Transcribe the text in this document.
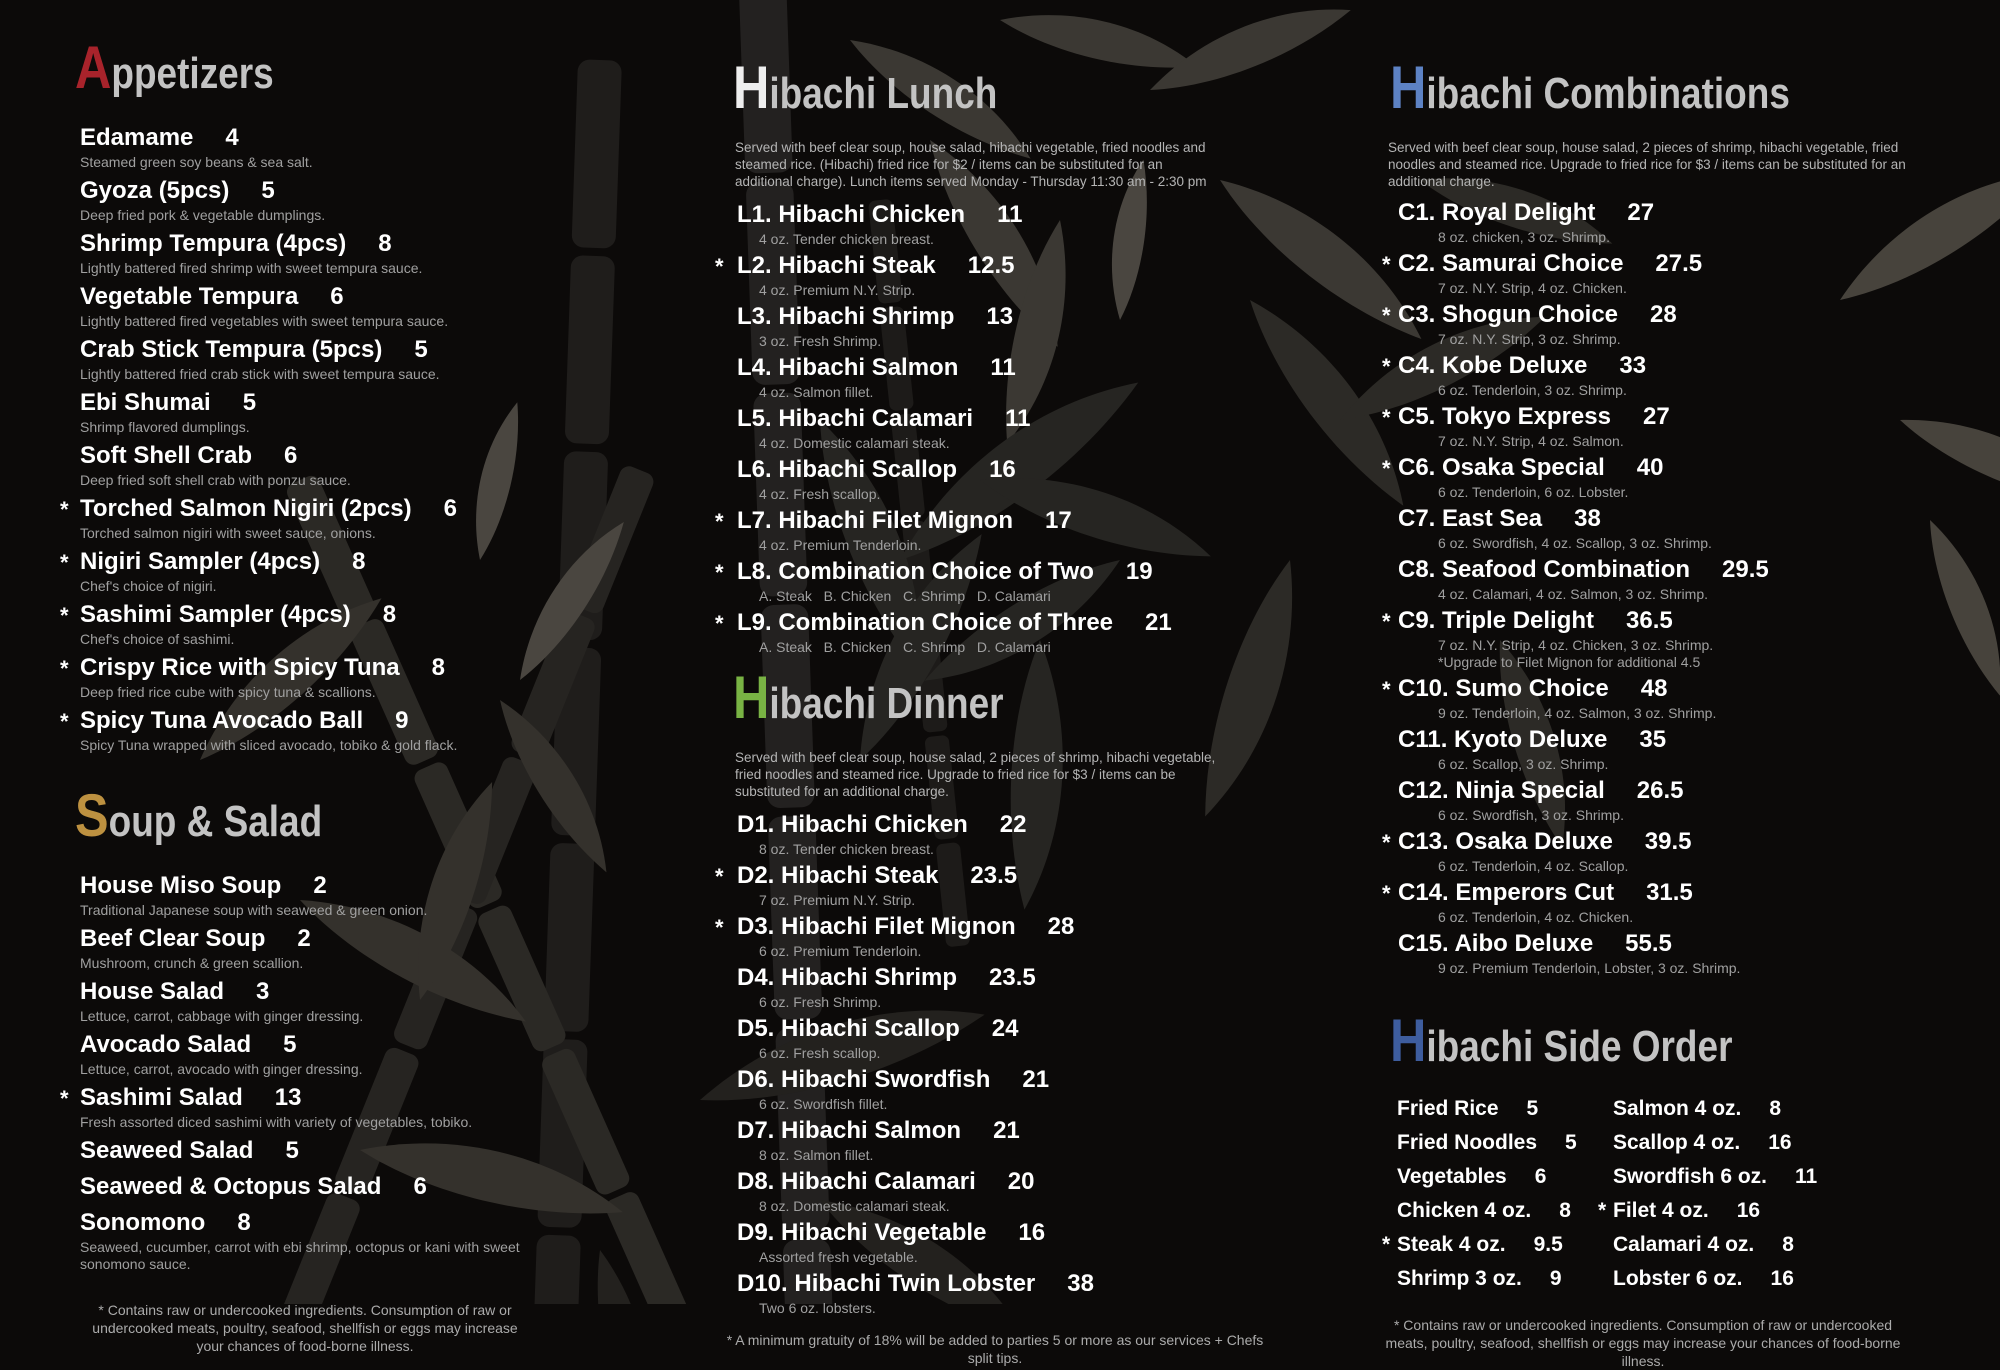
Appetizers
Edamame 4
Steamed green soy beans & sea salt.
Gyoza (5pcs) 5
Deep fried pork & vegetable dumplings.
Shrimp Tempura (4pcs) 8
Lightly battered fired shrimp with sweet tempura sauce.
Vegetable Tempura 6
Lightly battered fired vegetables with sweet tempura sauce.
Crab Stick Tempura (5pcs) 5
Lightly battered fried crab stick with sweet tempura sauce.
Ebi Shumai 5
Shrimp flavored dumplings.
Soft Shell Crab 6
Deep fried soft shell crab with ponzu sauce.
* Torched Salmon Nigiri (2pcs) 6
Torched salmon nigiri with sweet sauce, onions.
* Nigiri Sampler (4pcs) 8
Chef's choice of nigiri.
* Sashimi Sampler (4pcs) 8
Chef's choice of sashimi.
* Crispy Rice with Spicy Tuna 8
Deep fried rice cube with spicy tuna & scallions.
* Spicy Tuna Avocado Ball 9
Spicy Tuna wrapped with sliced avocado, tobiko & gold flack.
Soup & Salad
House Miso Soup 2
Traditional Japanese soup with seaweed & green onion.
Beef Clear Soup 2
Mushroom, crunch & green scallion.
House Salad 3
Lettuce, carrot, cabbage with ginger dressing.
Avocado Salad 5
Lettuce, carrot, avocado with ginger dressing.
* Sashimi Salad 13
Fresh assorted diced sashimi with variety of vegetables, tobiko.
Seaweed Salad 5
Seaweed & Octopus Salad 6
Sonomono 8
Seaweed, cucumber, carrot with ebi shrimp, octopus or kani with sweet sonomono sauce.

* Contains raw or undercooked ingredients. Consumption of raw or undercooked meats, poultry, seafood, shellfish or eggs may increase your chances of food-borne illness.

Hibachi Lunch

Served with beef clear soup, house salad, hibachi vegetable, fried noodles and steamed rice. (Hibachi) fried rice for $2 / items can be substituted for an additional charge). Lunch items served Monday - Thursday 11:30 am - 2:30 pm

L1. Hibachi Chicken 11
4 oz. Tender chicken breast.
* L2. Hibachi Steak 12.5
4 oz. Premium N.Y. Strip.
L3. Hibachi Shrimp 13
3 oz. Fresh Shrimp.
L4. Hibachi Salmon 11
4 oz. Salmon fillet.
L5. Hibachi Calamari 11
4 oz. Domestic calamari steak.
L6. Hibachi Scallop 16
4 oz. Fresh scallop.
* L7. Hibachi Filet Mignon 17
4 oz. Premium Tenderloin.
* L8. Combination Choice of Two 19
A. Steak   B. Chicken   C. Shrimp   D. Calamari
* L9. Combination Choice of Three 21
A. Steak   B. Chicken   C. Shrimp   D. Calamari
Hibachi Dinner

Served with beef clear soup, house salad, 2 pieces of shrimp, hibachi vegetable, fried noodles and steamed rice. Upgrade to fried rice for $3 / items can be substituted for an additional charge.

D1. Hibachi Chicken 22
8 oz. Tender chicken breast.
* D2. Hibachi Steak 23.5
7 oz. Premium N.Y. Strip.
* D3. Hibachi Filet Mignon 28
6 oz. Premium Tenderloin.
D4. Hibachi Shrimp 23.5
6 oz. Fresh Shrimp.
D5. Hibachi Scallop 24
6 oz. Fresh scallop.
D6. Hibachi Swordfish 21
6 oz. Swordfish fillet.
D7. Hibachi Salmon 21
8 oz. Salmon fillet.
D8. Hibachi Calamari 20
8 oz. Domestic calamari steak.
D9. Hibachi Vegetable 16
Assorted fresh vegetable.
D10. Hibachi Twin Lobster 38
Two 6 oz. lobsters.

* A minimum gratuity of 18% will be added to parties 5 or more as our services + Chefs split tips.

Hibachi Combinations

Served with beef clear soup, house salad, 2 pieces of shrimp, hibachi vegetable, fried noodles and steamed rice. Upgrade to fried rice for $3 / items can be substituted for an additional charge.

C1. Royal Delight 27
8 oz. chicken, 3 oz. Shrimp.
* C2. Samurai Choice 27.5
7 oz. N.Y. Strip, 4 oz. Chicken.
* C3. Shogun Choice 28
7 oz. N.Y. Strip, 3 oz. Shrimp.
* C4. Kobe Deluxe 33
6 oz. Tenderloin, 3 oz. Shrimp.
* C5. Tokyo Express 27
7 oz. N.Y. Strip, 4 oz. Salmon.
* C6. Osaka Special 40
6 oz. Tenderloin, 6 oz. Lobster.
C7. East Sea 38
6 oz. Swordfish, 4 oz. Scallop, 3 oz. Shrimp.
C8. Seafood Combination 29.5
4 oz. Calamari, 4 oz. Salmon, 3 oz. Shrimp.
* C9. Triple Delight 36.5
7 oz. N.Y. Strip, 4 oz. Chicken, 3 oz. Shrimp.
*Upgrade to Filet Mignon for additional 4.5
* C10. Sumo Choice 48
9 oz. Tenderloin, 4 oz. Salmon, 3 oz. Shrimp.
C11. Kyoto Deluxe 35
6 oz. Scallop, 3 oz. Shrimp.
C12. Ninja Special 26.5
6 oz. Swordfish, 3 oz. Shrimp.
* C13. Osaka Deluxe 39.5
6 oz. Tenderloin, 4 oz. Scallop.
* C14. Emperors Cut 31.5
6 oz. Tenderloin, 4 oz. Chicken.
C15. Aibo Deluxe 55.5
9 oz. Premium Tenderloin, Lobster, 3 oz. Shrimp.
Hibachi Side Order
Fried Rice 5
Fried Noodles 5
Vegetables 6
Chicken 4 oz. 8
* Steak 4 oz. 9.5
Shrimp 3 oz. 9
Salmon 4 oz. 8
Scallop 4 oz. 16
Swordfish 6 oz. 11
* Filet 4 oz. 16
Calamari 4 oz. 8
Lobster 6 oz. 16

* Contains raw or undercooked ingredients. Consumption of raw or undercooked meats, poultry, seafood, shellfish or eggs may increase your chances of food-borne illness.
